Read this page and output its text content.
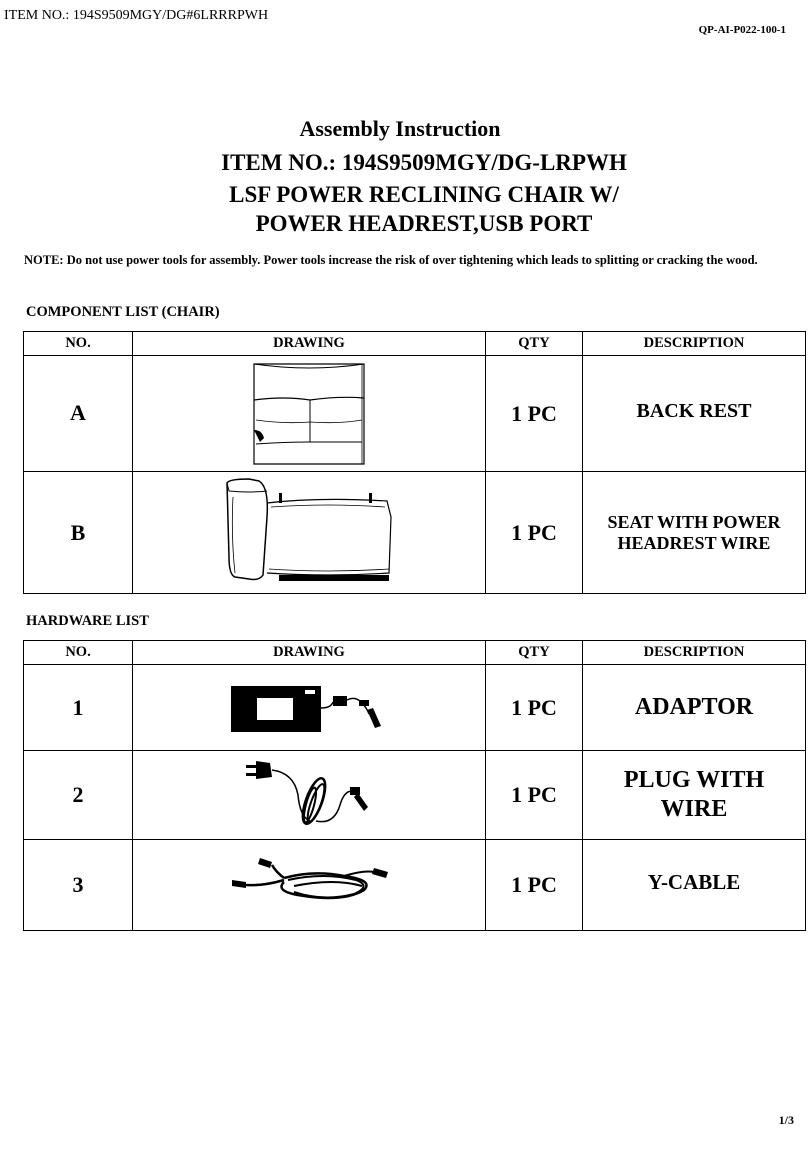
ITEM NO.: 194S9509MGY/DG#6LRRRPWH
QP-AI-P022-100-1
Assembly Instruction
ITEM NO.: 194S9509MGY/DG-LRPWH
LSF POWER RECLINING CHAIR W/
POWER HEADREST,USB PORT
NOTE: Do not use power tools for assembly. Power tools increase the risk of over tightening which leads to splitting or cracking the wood.
COMPONENT LIST (CHAIR)
NO.	DRAWING	QTY	DESCRIPTION
A		1 PC	BACK REST
B		1 PC	SEAT WITH POWER HEADREST WIRE
HARDWARE LIST
NO.	DRAWING	QTY	DESCRIPTION
1		1 PC	ADAPTOR
2		1 PC	PLUG WITH WIRE
3		1 PC	Y-CABLE
1/3
